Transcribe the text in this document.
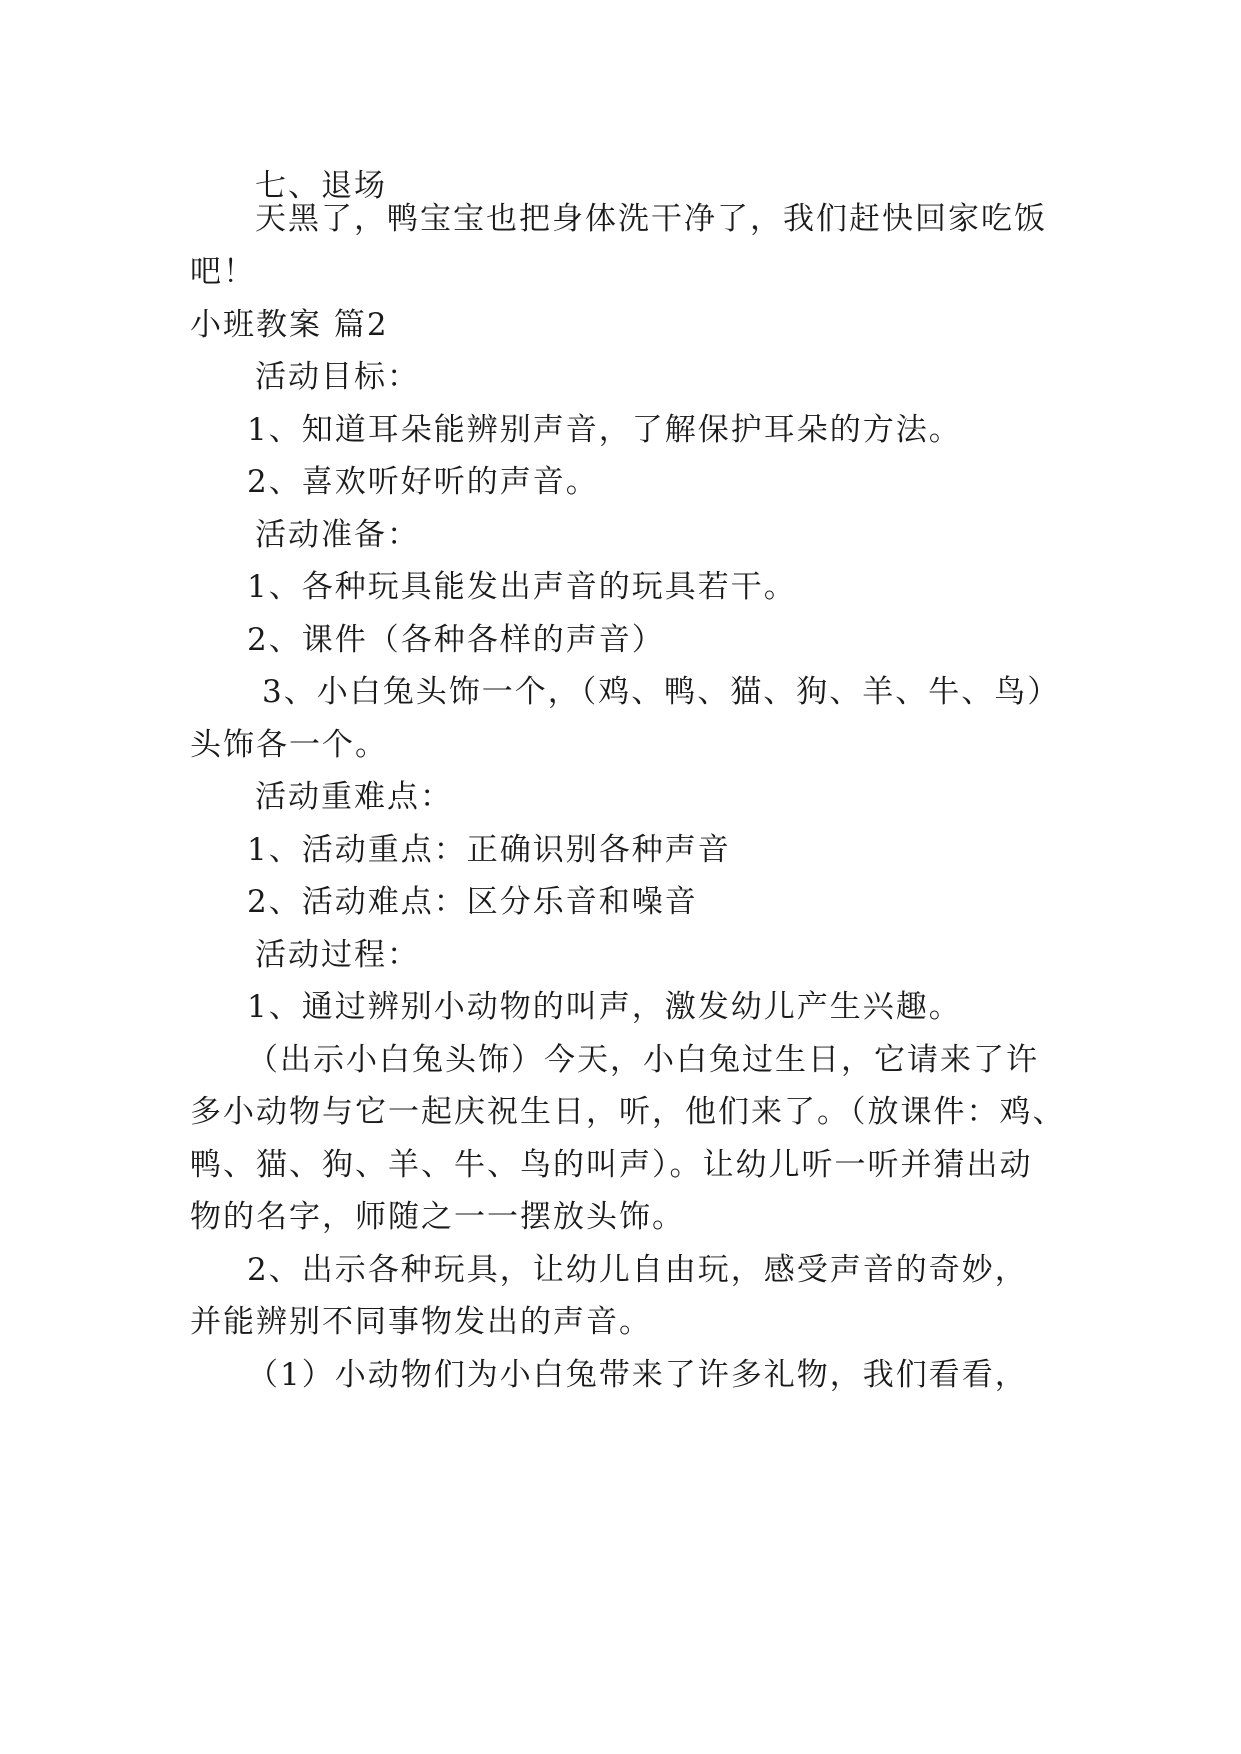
七、退场
天黑了，鸭宝宝也把身体洗干净了，我们赶快回家吃饭
吧！
小班教案 篇2
活动目标：
1、知道耳朵能辨别声音，了解保护耳朵的方法。
2、喜欢听好听的声音。
活动准备：
1、各种玩具能发出声音的玩具若干。
2、课件（各种各样的声音）
3、小白兔头饰一个，（鸡、鸭、猫、狗、羊、牛、鸟）
头饰各一个。
活动重难点：
1、活动重点：正确识别各种声音
2、活动难点：区分乐音和噪音
活动过程：
1、通过辨别小动物的叫声，激发幼儿产生兴趣。
（出示小白兔头饰）今天，小白兔过生日，它请来了许
多小动物与它一起庆祝生日，听，他们来了。（放课件：鸡、
鸭、猫、狗、羊、牛、鸟的叫声）。让幼儿听一听并猜出动
物的名字，师随之一一摆放头饰。
2、出示各种玩具，让幼儿自由玩，感受声音的奇妙，
并能辨别不同事物发出的声音。
（1）小动物们为小白兔带来了许多礼物，我们看看，
